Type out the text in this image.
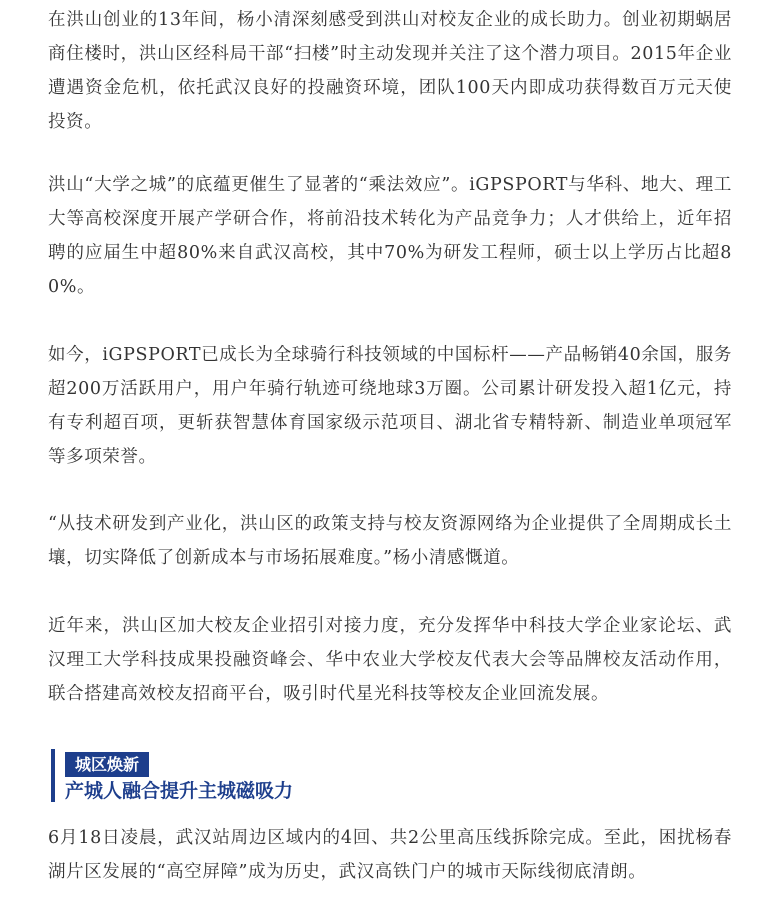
在洪山创业的13年间，杨小清深刻感受到洪山对校友企业的成长助力。创业初期蜗居商住楼时，洪山区经科局干部“扫楼”时主动发现并关注了这个潜力项目。2015年企业遭遇资金危机，依托武汉良好的投融资环境，团队100天内即成功获得数百万元天使投资。

洪山“大学之城”的底蕴更催生了显著的“乘法效应”。iGPSPORT与华科、地大、理工大等高校深度开展产学研合作，将前沿技术转化为产品竞争力；人才供给上，近年招聘的应届生中超80%来自武汉高校，其中70%为研发工程师，硕士以上学历占比超80%。

如今，iGPSPORT已成长为全球骑行科技领域的中国标杆——产品畅销40余国，服务超200万活跃用户，用户年骑行轨迹可绕地球3万圈。公司累计研发投入超1亿元，持有专利超百项，更斩获智慧体育国家级示范项目、湖北省专精特新、制造业单项冠军等多项荣誉。

“从技术研发到产业化，洪山区的政策支持与校友资源网络为企业提供了全周期成长土壤，切实降低了创新成本与市场拓展难度。”杨小清感慨道。

近年来，洪山区加大校友企业招引对接力度，充分发挥华中科技大学企业家论坛、武汉理工大学科技成果投融资峰会、华中农业大学校友代表大会等品牌校友活动作用，联合搭建高效校友招商平台，吸引时代星光科技等校友企业回流发展。

6月18日凌晨，武汉站周边区域内的4回、共2公里高压线拆除完成。至此，困扰杨春湖片区发展的“高空屏障”成为历史，武汉高铁门户的城市天际线彻底清朗。

城区焕新
产城人融合提升主城磁吸力
